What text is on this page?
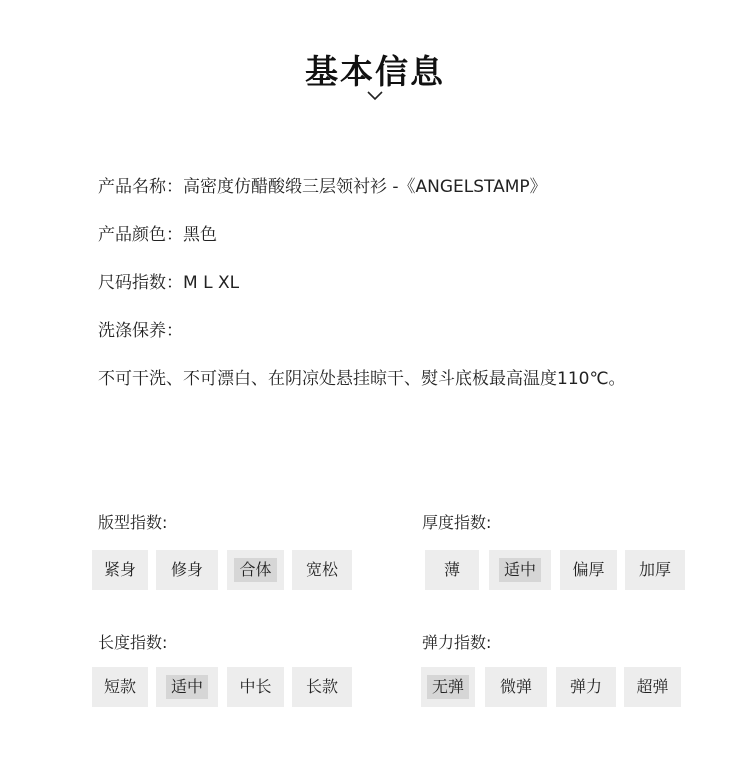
基本信息
产品名称：高密度仿醋酸缎三层领衬衫 -《ANGELSTAMP》
产品颜色：黑色
尺码指数：M L XL
洗涤保养：
不可干洗、不可漂白、在阴凉处悬挂晾干、熨斗底板最高温度110℃。
版型指数:
紧身	修身	合体	宽松
厚度指数:
薄	适中	偏厚	加厚
长度指数:
短款	适中	中长	长款
弹力指数:
无弹	微弹	弹力	超弹
